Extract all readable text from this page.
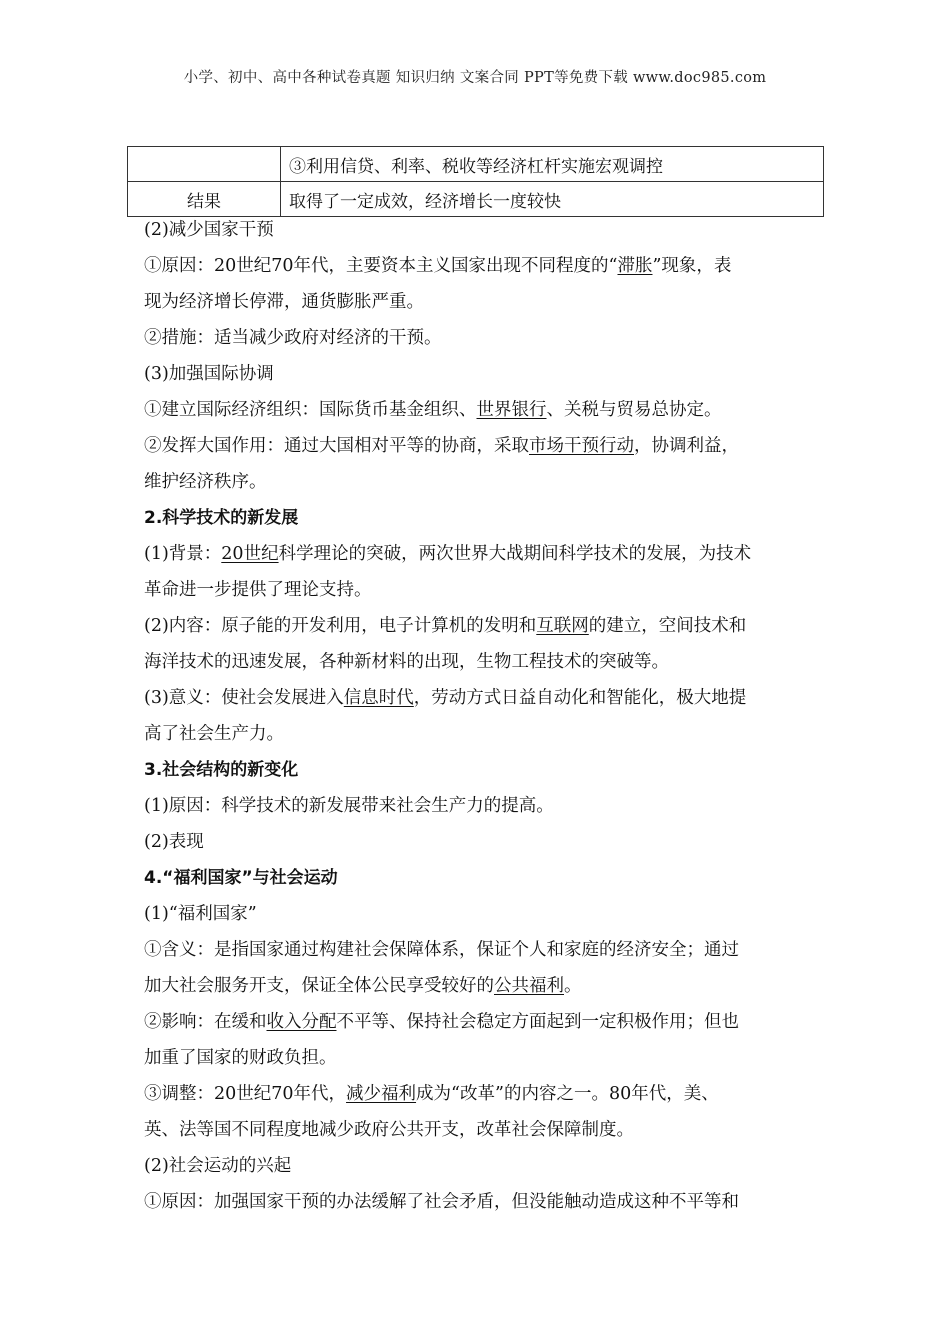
小学、初中、高中各种试卷真题 知识归纳 文案合同 PPT等免费下载 www.doc985.com
	③利用信贷、利率、税收等经济杠杆实施宏观调控
结果	取得了一定成效，经济增长一度较快
(2)减少国家干预
①原因：20世纪70年代，主要资本主义国家出现不同程度的“滞胀”现象，表
现为经济增长停滞，通货膨胀严重。
②措施：适当减少政府对经济的干预。
(3)加强国际协调
①建立国际经济组织：国际货币基金组织、世界银行、关税与贸易总协定。
②发挥大国作用：通过大国相对平等的协商，采取市场干预行动，协调利益，
维护经济秩序。
2.科学技术的新发展
(1)背景：20世纪科学理论的突破，两次世界大战期间科学技术的发展，为技术
革命进一步提供了理论支持。
(2)内容：原子能的开发利用，电子计算机的发明和互联网的建立，空间技术和
海洋技术的迅速发展，各种新材料的出现，生物工程技术的突破等。
(3)意义：使社会发展进入信息时代，劳动方式日益自动化和智能化，极大地提
高了社会生产力。
3.社会结构的新变化
(1)原因：科学技术的新发展带来社会生产力的提高。
(2)表现
4.“福利国家”与社会运动
(1)“福利国家”
①含义：是指国家通过构建社会保障体系，保证个人和家庭的经济安全；通过
加大社会服务开支，保证全体公民享受较好的公共福利。
②影响：在缓和收入分配不平等、保持社会稳定方面起到一定积极作用；但也
加重了国家的财政负担。
③调整：20世纪70年代，减少福利成为“改革”的内容之一。80年代，美、
英、法等国不同程度地减少政府公共开支，改革社会保障制度。
(2)社会运动的兴起
①原因：加强国家干预的办法缓解了社会矛盾，但没能触动造成这种不平等和
